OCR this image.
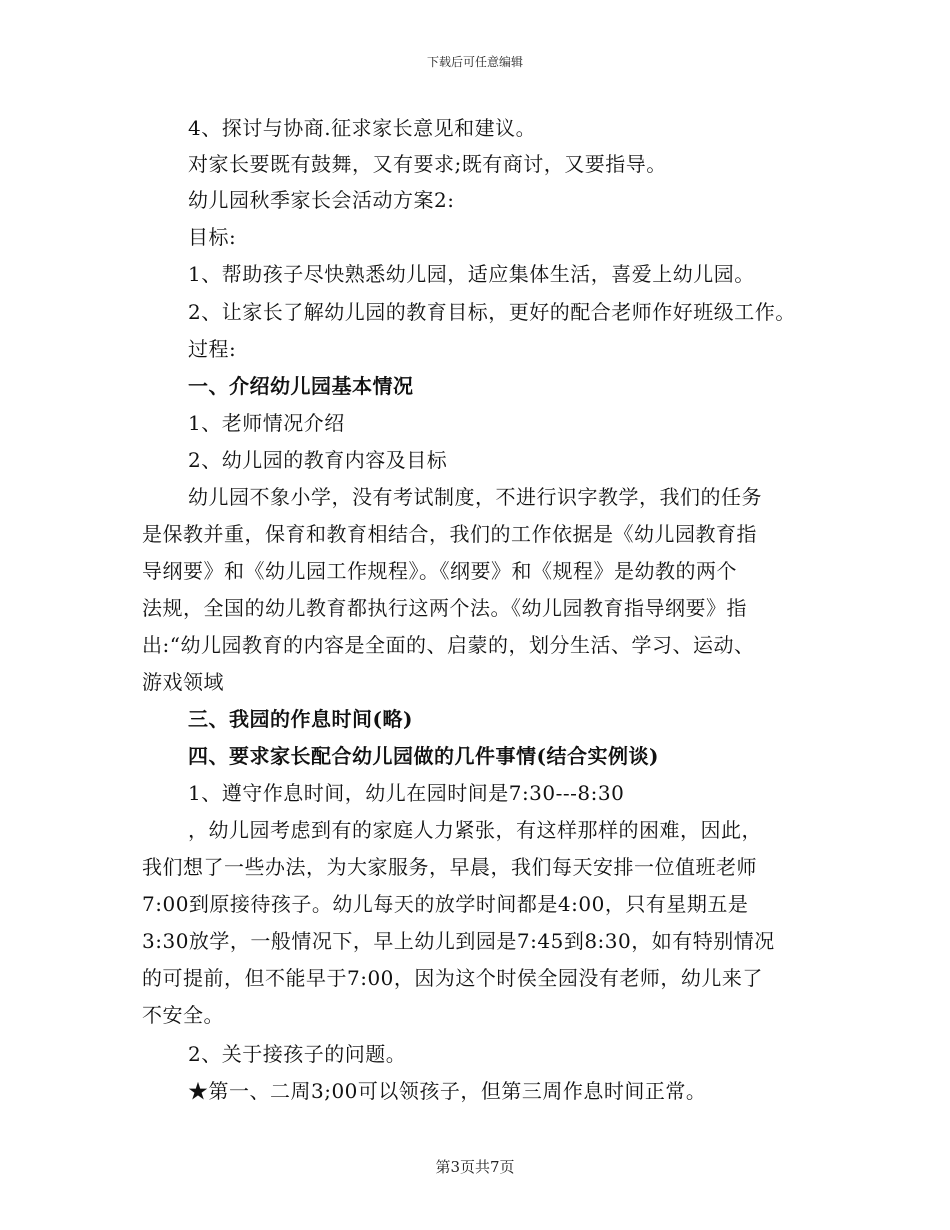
下载后可任意编辑
4、探讨与协商.征求家长意见和建议。
对家长要既有鼓舞，又有要求;既有商讨，又要指导。
幼儿园秋季家长会活动方案2:
目标:
1、帮助孩子尽快熟悉幼儿园，适应集体生活，喜爱上幼儿园。
2、让家长了解幼儿园的教育目标，更好的配合老师作好班级工作。
过程:
一、介绍幼儿园基本情况
1、老师情况介绍
2、幼儿园的教育内容及目标
幼儿园不象小学，没有考试制度，不进行识字教学，我们的任务
是保教并重，保育和教育相结合，我们的工作依据是《幼儿园教育指
导纲要》和《幼儿园工作规程》。《纲要》和《规程》是幼教的两个
法规，全国的幼儿教育都执行这两个法。《幼儿园教育指导纲要》指
出:“幼儿园教育的内容是全面的、启蒙的，划分生活、学习、运动、
游戏领域
三、我园的作息时间(略)
四、要求家长配合幼儿园做的几件事情(结合实例谈)
1、遵守作息时间，幼儿在园时间是7:30---8:30
，幼儿园考虑到有的家庭人力紧张，有这样那样的困难，因此，
我们想了一些办法，为大家服务，早晨，我们每天安排一位值班老师
7:00到原接待孩子。幼儿每天的放学时间都是4:00，只有星期五是
3:30放学，一般情况下，早上幼儿到园是7:45到8:30，如有特别情况
的可提前，但不能早于7:00，因为这个时侯全园没有老师，幼儿来了
不安全。
2、关于接孩子的问题。
★第一、二周3;00可以领孩子，但第三周作息时间正常。
第3页共7页
